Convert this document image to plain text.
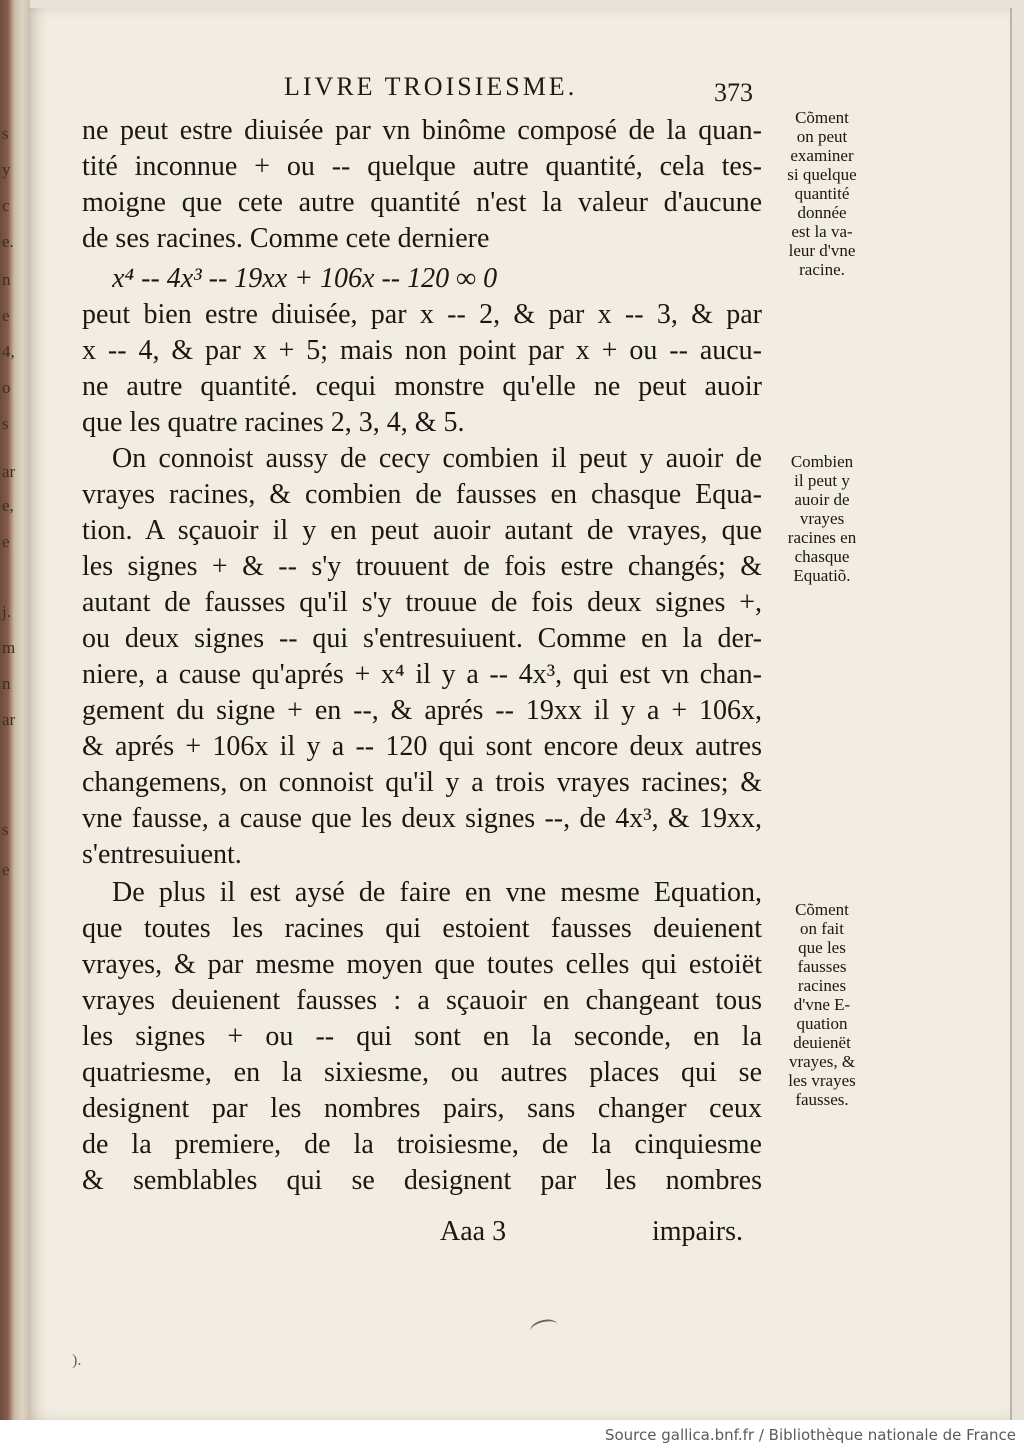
s
y
c
e.
n
e
4,
o
s
ar
e,
e
j.
m
n
ar
s
e
LIVRE TROISIESME.	373
ne peut estre diuisée par vn binôme composé de la quan-
tité inconnue + ou -- quelque autre quantité, cela tes-
moigne que cete autre quantité n'est la valeur d'aucune
de ses racines. Comme cete derniere
x⁴ -- 4x³ -- 19xx + 106x -- 120 ∞ 0
peut bien estre diuisée, par x -- 2, & par x -- 3, & par
x -- 4, & par x + 5; mais non point par x + ou -- aucu-
ne autre quantité. cequi monstre qu'elle ne peut auoir
que les quatre racines 2, 3, 4, & 5.
On connoist aussy de cecy combien il peut y auoir de
vrayes racines, & combien de fausses en chasque Equa-
tion. A sçauoir il y en peut auoir autant de vrayes, que
les signes + & -- s'y trouuent de fois estre changés; &
autant de fausses qu'il s'y trouue de fois deux signes +,
ou deux signes -- qui s'entresuiuent. Comme en la der-
niere, a cause qu'aprés + x⁴ il y a -- 4x³, qui est vn chan-
gement du signe + en --, & aprés -- 19xx il y a + 106x,
& aprés + 106x il y a -- 120 qui sont encore deux autres
changemens, on connoist qu'il y a trois vrayes racines; &
vne fausse, a cause que les deux signes --, de 4x³, & 19xx,
s'entresuiuent.
De plus il est aysé de faire en vne mesme Equation,
que toutes les racines qui estoient fausses deuienent
vrayes, & par mesme moyen que toutes celles qui estoiët
vrayes deuienent fausses : a sçauoir en changeant tous
les signes + ou -- qui sont en la seconde, en la
quatriesme, en la sixiesme, ou autres places qui se
designent par les nombres pairs, sans changer ceux
de la premiere, de la troisiesme, de la cinquiesme
& semblables qui se designent par les nombres
Cõment
on peut
examiner
si quelque
quantité
donnée
est la va-
leur d'vne
racine.
Combien
il peut y
auoir de
vrayes
racines en
chasque
Equatiõ.
Cõment
on fait
que les
fausses
racines
d'vne E-
quation
deuienët
vrayes, &
les vrayes
fausses.
Aaa 3	impairs.
).
Source gallica.bnf.fr / Bibliothèque nationale de France
